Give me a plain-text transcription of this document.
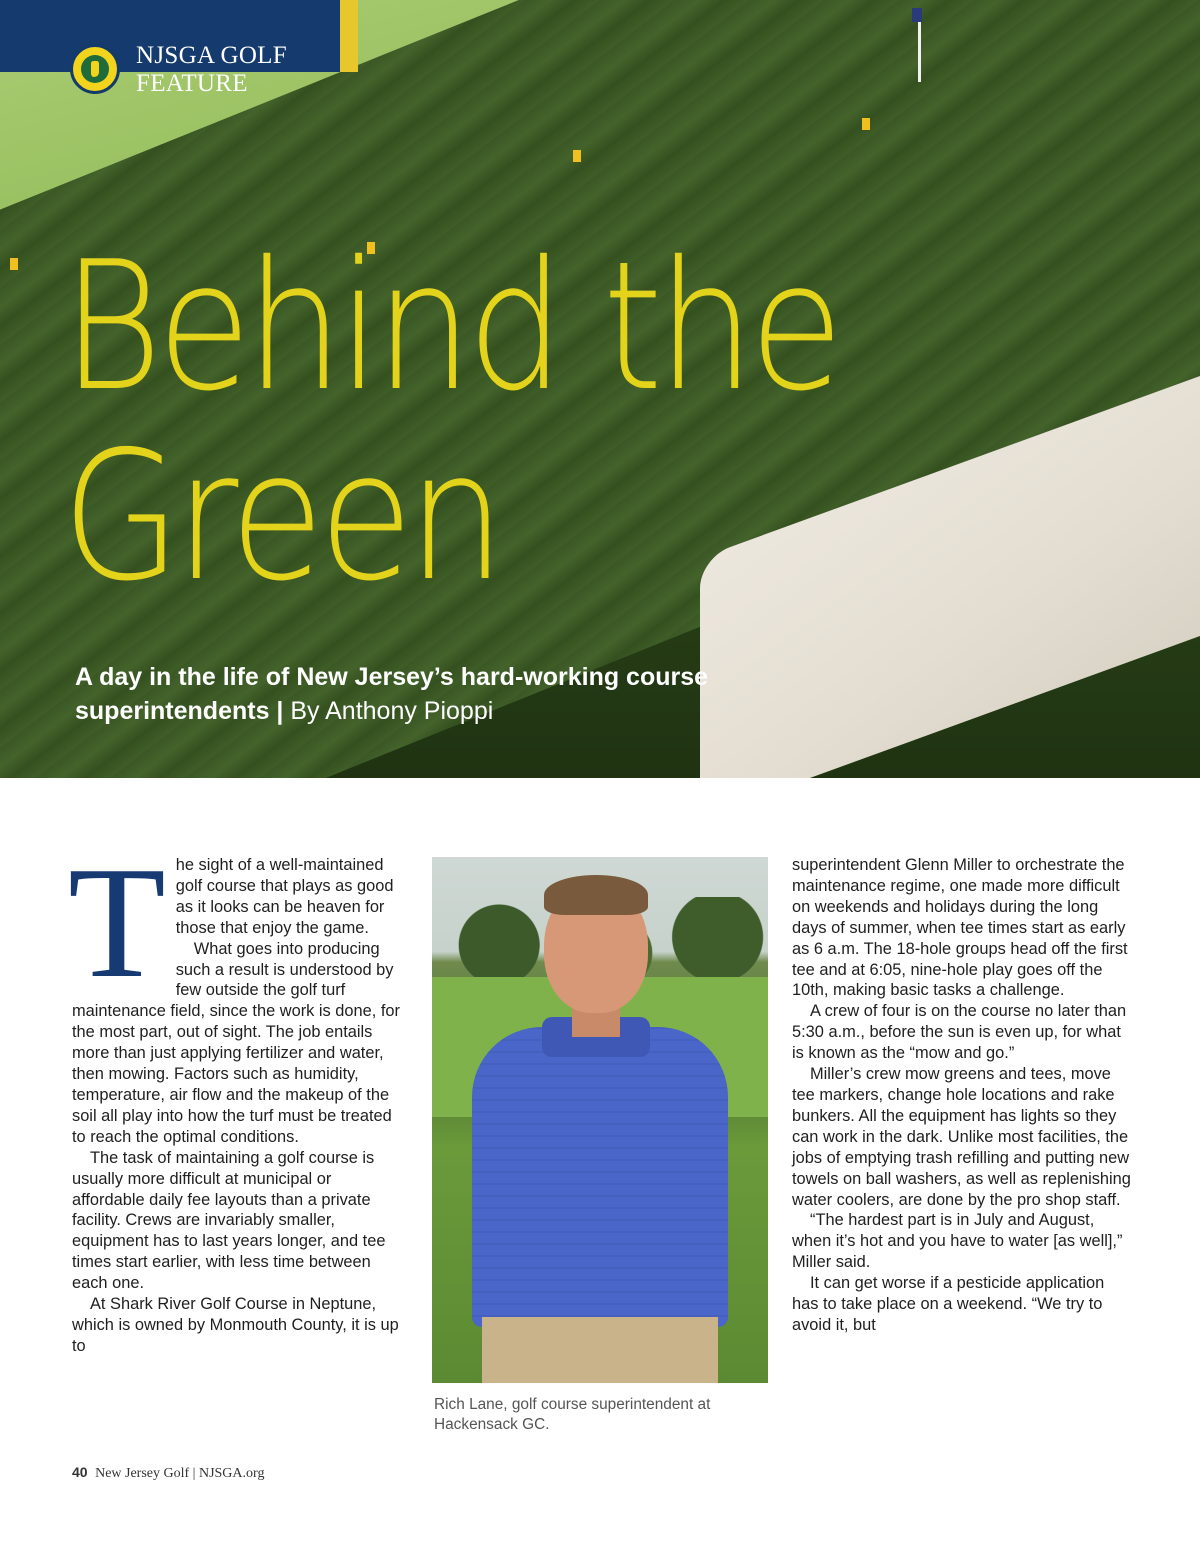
NJSGA GOLF
FEATURE
Behind the
Green
A day in the life of New Jersey’s hard-working course superintendents | By Anthony Pioppi
T he sight of a well-maintained golf course that plays as good as it looks can be heaven for those that enjoy the game.

What goes into producing such a result is understood by few outside the golf turf maintenance field, since the work is done, for the most part, out of sight. The job entails more than just applying fertilizer and water, then mowing. Factors such as humidity, temperature, air flow and the makeup of the soil all play into how the turf must be treated to reach the optimal conditions.

The task of maintaining a golf course is usually more difficult at municipal or affordable daily fee layouts than a private facility. Crews are invariably smaller, equipment has to last years longer, and tee times start earlier, with less time between each one.

At Shark River Golf Course in Neptune, which is owned by Monmouth County, it is up to

Rich Lane, golf course superintendent at Hackensack GC.

superintendent Glenn Miller to orchestrate the maintenance regime, one made more difficult on weekends and holidays during the long days of summer, when tee times start as early as 6 a.m. The 18-hole groups head off the first tee and at 6:05, nine-hole play goes off the 10th, making basic tasks a challenge.

A crew of four is on the course no later than 5:30 a.m., before the sun is even up, for what is known as the “mow and go.”

Miller’s crew mow greens and tees, move tee markers, change hole locations and rake bunkers. All the equipment has lights so they can work in the dark. Unlike most facilities, the jobs of emptying trash refilling and putting new towels on ball washers, as well as replenishing water coolers, are done by the pro shop staff.

“The hardest part is in July and August, when it’s hot and you have to water [as well],” Miller said.

It can get worse if a pesticide application has to take place on a weekend. “We try to avoid it, but

40 New Jersey Golf | NJSGA.org
